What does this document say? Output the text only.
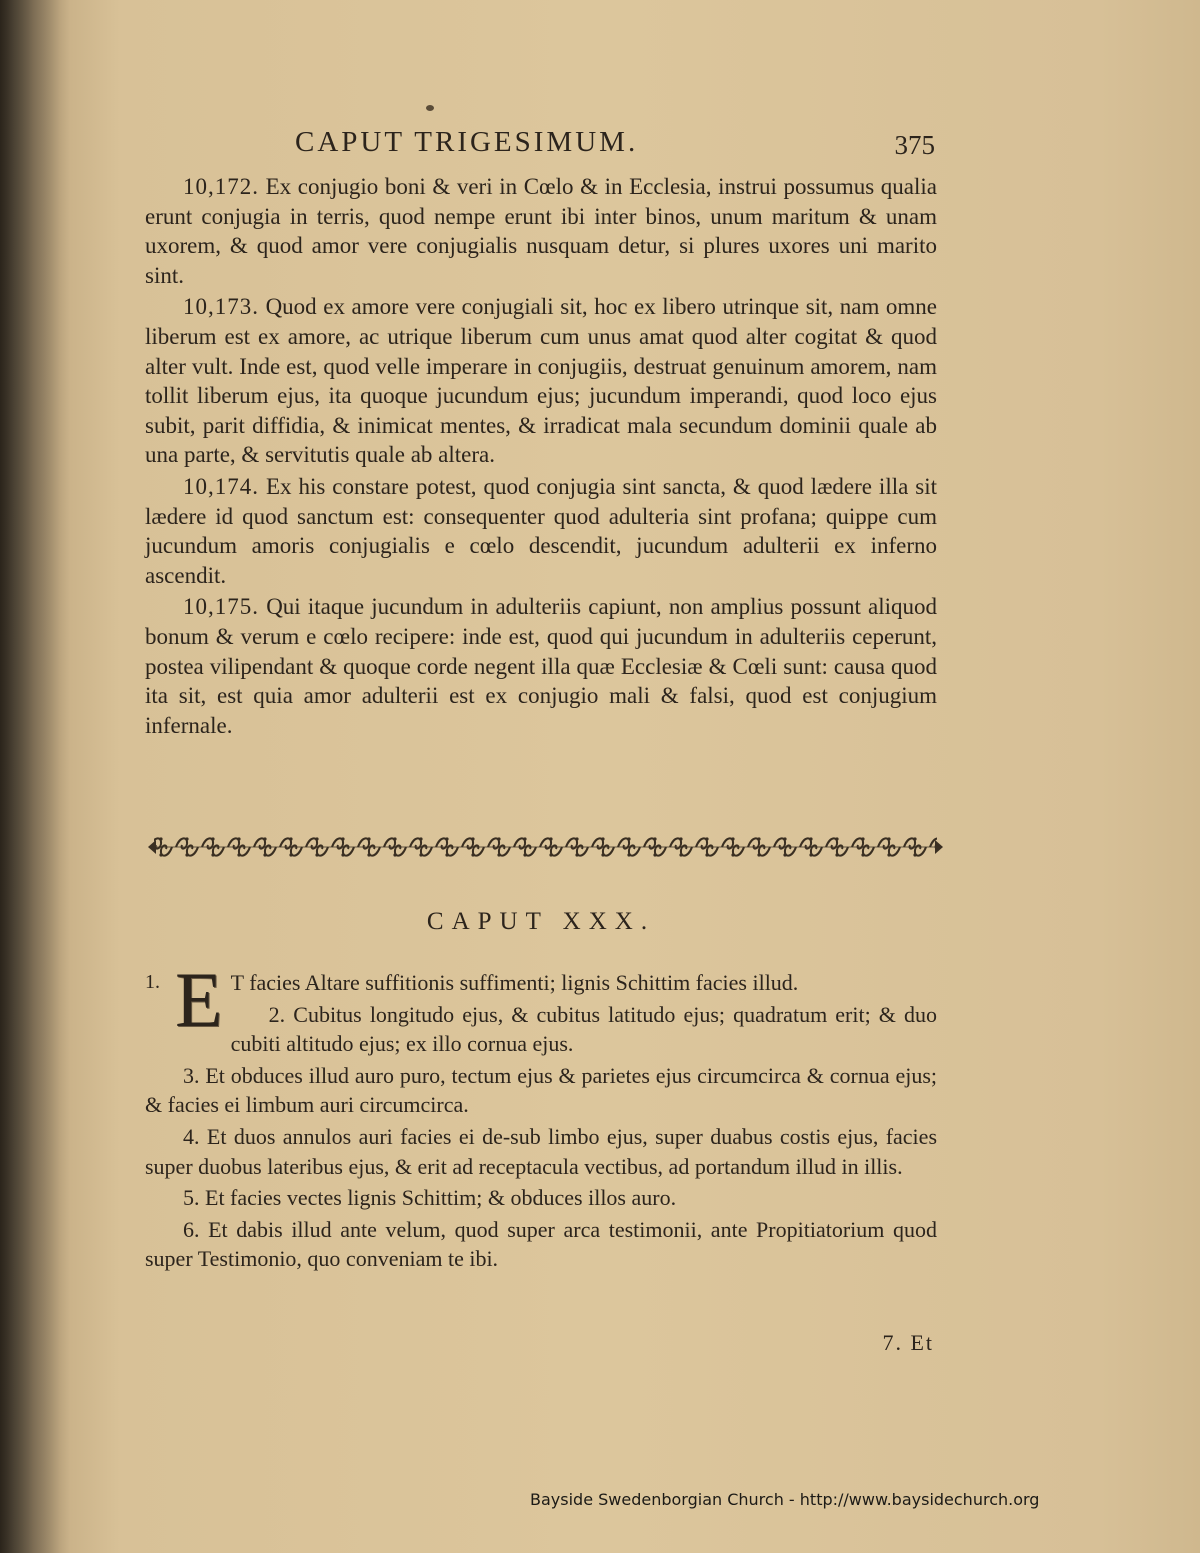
CAPUT TRIGESIMUM.	375

10,172. Ex conjugio boni & veri in Cœlo & in Ecclesia, instrui possumus qualia erunt conjugia in terris, quod nempe erunt ibi inter binos, unum maritum & unam uxorem, & quod amor vere conjugialis nusquam detur, si plures uxores uni marito sint.

10,173. Quod ex amore vere conjugiali sit, hoc ex libero utrinque sit, nam omne liberum est ex amore, ac utrique liberum cum unus amat quod alter cogitat & quod alter vult. Inde est, quod velle imperare in conjugiis, destruat genuinum amorem, nam tollit liberum ejus, ita quoque jucundum ejus; jucundum imperandi, quod loco ejus subit, parit diffidia, & inimicat mentes, & irradicat mala secundum dominii quale ab una parte, & servitutis quale ab altera.

10,174. Ex his constare potest, quod conjugia sint sancta, & quod lædere illa sit lædere id quod sanctum est: consequenter quod adulteria sint profana; quippe cum jucundum amoris conjugialis e cœlo descendit, jucundum adulterii ex inferno ascendit.

10,175. Qui itaque jucundum in adulteriis capiunt, non amplius possunt aliquod bonum & verum e cœlo recipere: inde est, quod qui jucundum in adulteriis ceperunt, postea vilipendant & quoque corde negent illa quæ Ecclesiæ & Cœli sunt: causa quod ita sit, est quia amor adulterii est ex conjugio mali & falsi, quod est conjugium infernale.

CAPUT XXX.

1. E T facies Altare suffitionis suffimenti; lignis Schittim facies illud.

2. Cubitus longitudo ejus, & cubitus latitudo ejus; quadratum erit; & duo cubiti altitudo ejus; ex illo cornua ejus.

3. Et obduces illud auro puro, tectum ejus & parietes ejus circumcirca & cornua ejus; & facies ei limbum auri circumcirca.

4. Et duos annulos auri facies ei de-sub limbo ejus, super duabus costis ejus, facies super duobus lateribus ejus, & erit ad receptacula vectibus, ad portandum illud in illis.

5. Et facies vectes lignis Schittim; & obduces illos auro.

6. Et dabis illud ante velum, quod super arca testimonii, ante Propitiatorium quod super Testimonio, quo conveniam te ibi.

7. Et
Bayside Swedenborgian Church - http://www.baysidechurch.org
